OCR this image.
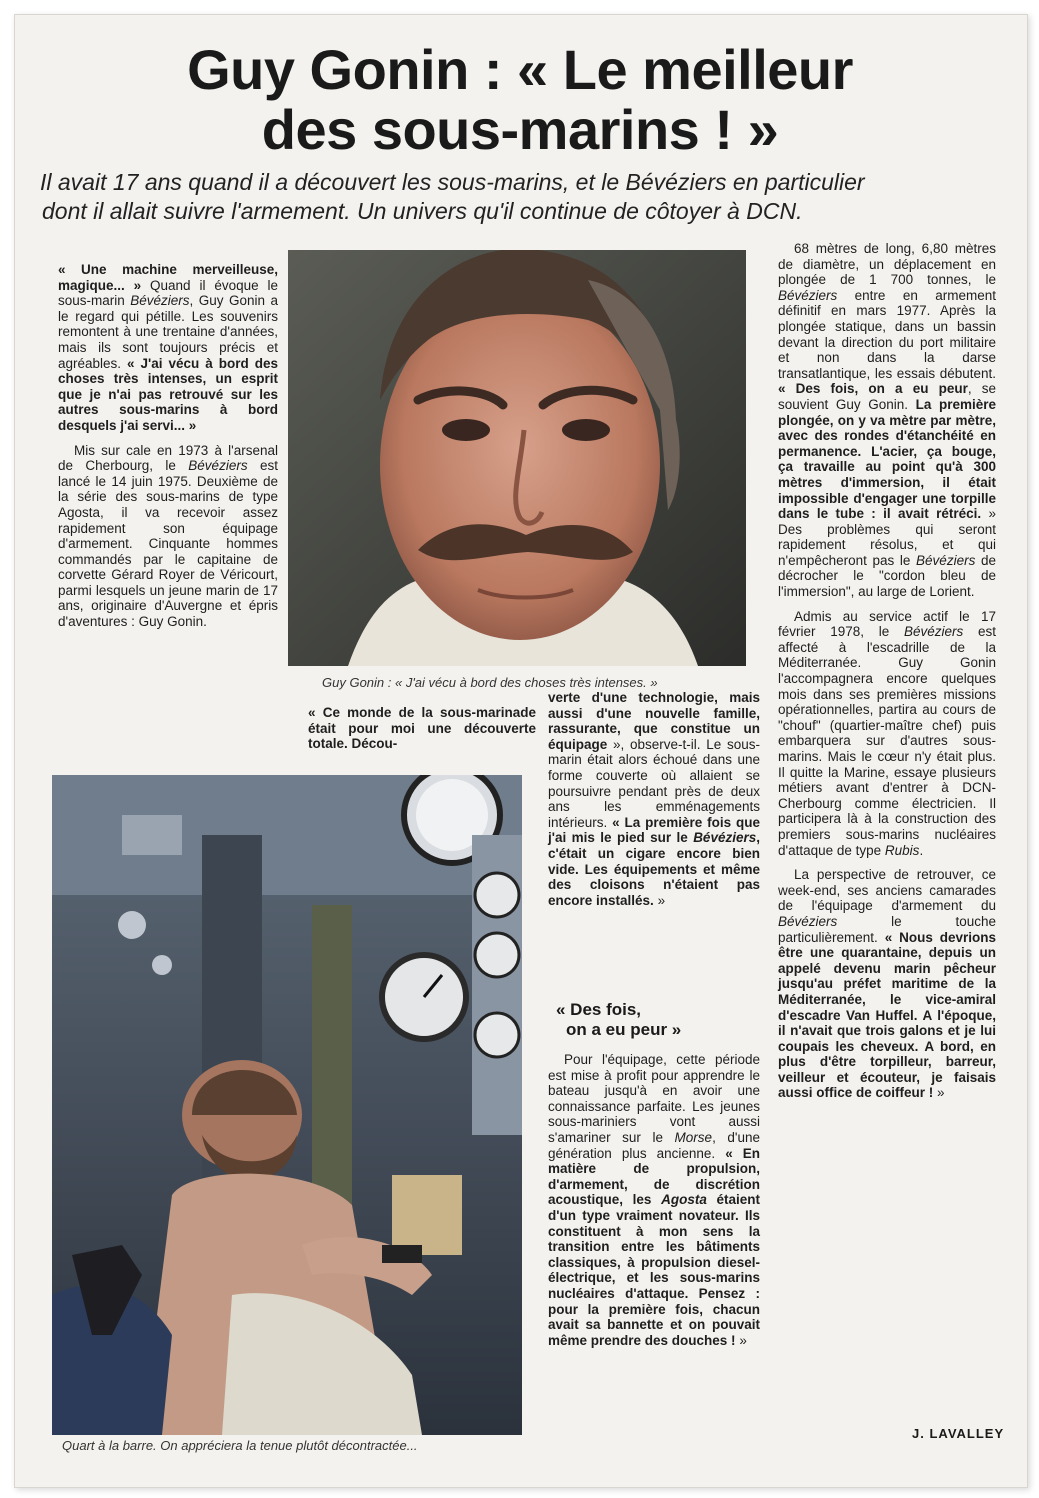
Guy Gonin : « Le meilleur
des sous-marins ! »
Il avait 17 ans quand il a découvert les sous-marins, et le Bévéziers en particulier
dont il allait suivre l'armement. Un univers qu'il continue de côtoyer à DCN.

« Une machine merveilleuse, magique... » Quand il évoque le sous-marin Bévéziers, Guy Gonin a le regard qui pétille. Les souvenirs remontent à une trentaine d'années, mais ils sont toujours précis et agréables. « J'ai vécu à bord des choses très intenses, un esprit que je n'ai pas retrouvé sur les autres sous-marins à bord desquels j'ai servi... »

Mis sur cale en 1973 à l'arsenal de Cherbourg, le Bévéziers est lancé le 14 juin 1975. Deuxième de la série des sous-marins de type Agosta, il va recevoir assez rapidement son équipage d'armement. Cinquante hommes commandés par le capitaine de corvette Gérard Royer de Véricourt, parmi lesquels un jeune marin de 17 ans, originaire d'Auvergne et épris d'aventures : Guy Gonin.

Guy Gonin : « J'ai vécu à bord des choses très intenses. »

« Ce monde de la sous-marinade était pour moi une découverte totale. Décou-

Quart à la barre. On appréciera la tenue plutôt décontractée...

verte d'une technologie, mais aussi d'une nouvelle famille, rassurante, que constitue un équipage », observe-t-il. Le sous-marin était alors échoué dans une forme couverte où allaient se poursuivre pendant près de deux ans les emménagements intérieurs. « La première fois que j'ai mis le pied sur le Bévéziers, c'était un cigare encore bien vide. Les équipements et même des cloisons n'étaient pas encore installés. »

« Des fois,
on a eu peur »

Pour l'équipage, cette période est mise à profit pour apprendre le bateau jusqu'à en avoir une connaissance parfaite. Les jeunes sous-mariniers vont aussi s'amariner sur le Morse, d'une génération plus ancienne. « En matière de propulsion, d'armement, de discrétion acoustique, les Agosta étaient d'un type vraiment novateur. Ils constituent à mon sens la transition entre les bâtiments classiques, à propulsion diesel-électrique, et les sous-marins nucléaires d'attaque. Pensez : pour la première fois, chacun avait sa bannette et on pouvait même prendre des douches ! »

68 mètres de long, 6,80 mètres de diamètre, un déplacement en plongée de 1 700 tonnes, le Bévéziers entre en armement définitif en mars 1977. Après la plongée statique, dans un bassin devant la direction du port militaire et non dans la darse transatlantique, les essais débutent. « Des fois, on a eu peur, se souvient Guy Gonin. La première plongée, on y va mètre par mètre, avec des rondes d'étanchéité en permanence. L'acier, ça bouge, ça travaille au point qu'à 300 mètres d'immersion, il était impossible d'engager une torpille dans le tube : il avait rétréci. » Des problèmes qui seront rapidement résolus, et qui n'empêcheront pas le Bévéziers de décrocher le "cordon bleu de l'immersion", au large de Lorient.

Admis au service actif le 17 février 1978, le Bévéziers est affecté à l'escadrille de la Méditerranée. Guy Gonin l'accompagnera encore quelques mois dans ses premières missions opérationnelles, partira au cours de "chouf" (quartier-maître chef) puis embarquera sur d'autres sous-marins. Mais le cœur n'y était plus. Il quitte la Marine, essaye plusieurs métiers avant d'entrer à DCN-Cherbourg comme électricien. Il participera là à la construction des premiers sous-marins nucléaires d'attaque de type Rubis.

La perspective de retrouver, ce week-end, ses anciens camarades de l'équipage d'armement du Bévéziers le touche particulièrement. « Nous devrions être une quarantaine, depuis un appelé devenu marin pêcheur jusqu'au préfet maritime de la Méditerranée, le vice-amiral d'escadre Van Huffel. A l'époque, il n'avait que trois galons et je lui coupais les cheveux. A bord, en plus d'être torpilleur, barreur, veilleur et écouteur, je faisais aussi office de coiffeur ! »

J. LAVALLEY
